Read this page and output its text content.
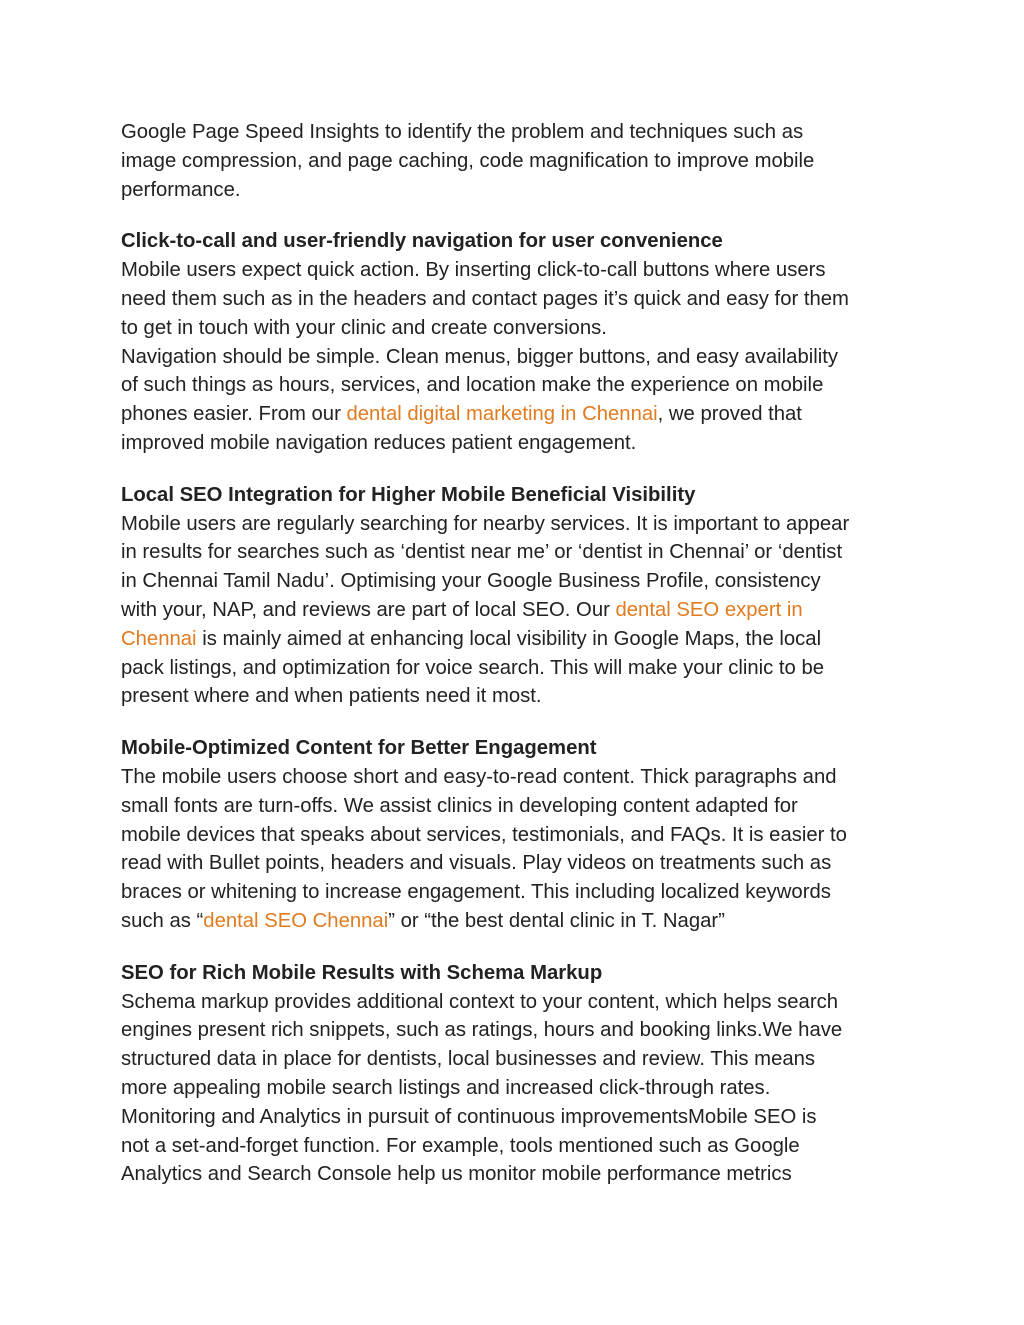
Google Page Speed Insights to identify the problem and techniques such as
image compression, and page caching, code magnification to improve mobile
performance.

Click-to-call and user-friendly navigation for user convenience
Mobile users expect quick action. By inserting click-to-call buttons where users
need them such as in the headers and contact pages it’s quick and easy for them
to get in touch with your clinic and create conversions.
Navigation should be simple. Clean menus, bigger buttons, and easy availability
of such things as hours, services, and location make the experience on mobile
phones easier. From our dental digital marketing in Chennai, we proved that
improved mobile navigation reduces patient engagement.

Local SEO Integration for Higher Mobile Beneficial Visibility
Mobile users are regularly searching for nearby services. It is important to appear
in results for searches such as ‘dentist near me’ or ‘dentist in Chennai’ or ‘dentist
in Chennai Tamil Nadu’. Optimising your Google Business Profile, consistency
with your, NAP, and reviews are part of local SEO. Our dental SEO expert in
Chennai is mainly aimed at enhancing local visibility in Google Maps, the local
pack listings, and optimization for voice search. This will make your clinic to be
present where and when patients need it most.

Mobile-Optimized Content for Better Engagement
The mobile users choose short and easy-to-read content. Thick paragraphs and
small fonts are turn-offs. We assist clinics in developing content adapted for
mobile devices that speaks about services, testimonials, and FAQs. It is easier to
read with Bullet points, headers and visuals. Play videos on treatments such as
braces or whitening to increase engagement. This including localized keywords
such as “dental SEO Chennai” or “the best dental clinic in T. Nagar”

SEO for Rich Mobile Results with Schema Markup
Schema markup provides additional context to your content, which helps search
engines present rich snippets, such as ratings, hours and booking links.We have
structured data in place for dentists, local businesses and review. This means
more appealing mobile search listings and increased click-through rates.
Monitoring and Analytics in pursuit of continuous improvementsMobile SEO is
not a set-and-forget function. For example, tools mentioned such as Google
Analytics and Search Console help us monitor mobile performance metrics
